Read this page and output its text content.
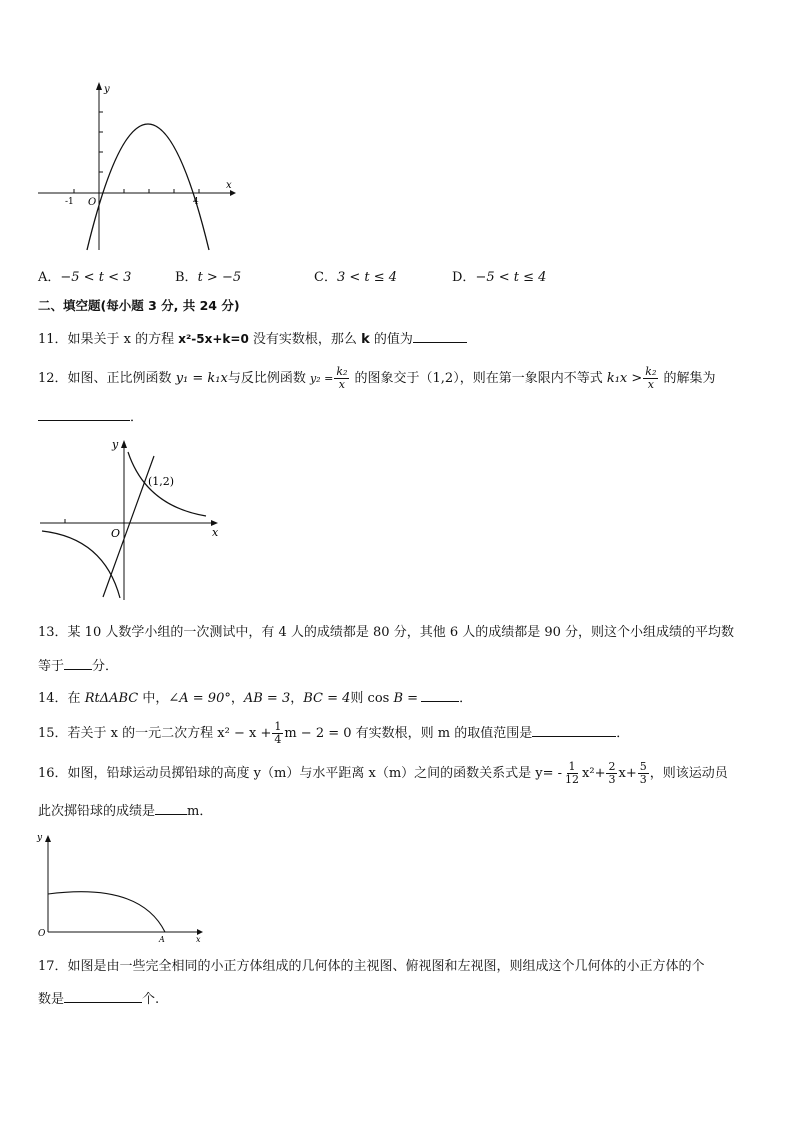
y
x
O
-1	4
A．−5 < t < 3	B．t > −5	C．3 < t ≤ 4	D．−5 < t ≤ 4
二、填空题(每小题 3 分, 共 24 分)
11．如果关于 x 的方程 x²-5x+k=0 没有实数根，那么 k 的值为
12．如图、正比例函数 y₁ = k₁x与反比例函数 $y_2 = \frac{\text{k₂}}{x}$ 的图象交于（1,2），则在第一象限内不等式 $k_1x > \frac{\text{k₂}}{x}$ 的解集为
．
(1,2)
y
x
O
13．某 10 人数学小组的一次测试中，有 4 人的成绩都是 80 分，其他 6 人的成绩都是 90 分，则这个小组成绩的平均数
等于 分．
14．在 RtΔABC 中，∠A = 90°，AB = 3，BC = 4则 cos B =	．
15．若关于 x 的一元二次方程 $x^2 - x + \frac{1}{4}$ m − 2 = 0 有实数根，则 m 的取值范围是	．
16．如图，铅球运动员掷铅球的高度 y（m）与水平距离 x（m）之间的函数关系式是 $y= - \frac{1}{12} x^2+ \frac{2}{3} x+ \frac{5}{3}$ ，则该运动员
此次掷铅球的成绩是 m．
y
O
A	x
17．如图是由一些完全相同的小正方体组成的几何体的主视图、俯视图和左视图，则组成这个几何体的小正方体的个
数是	个.
